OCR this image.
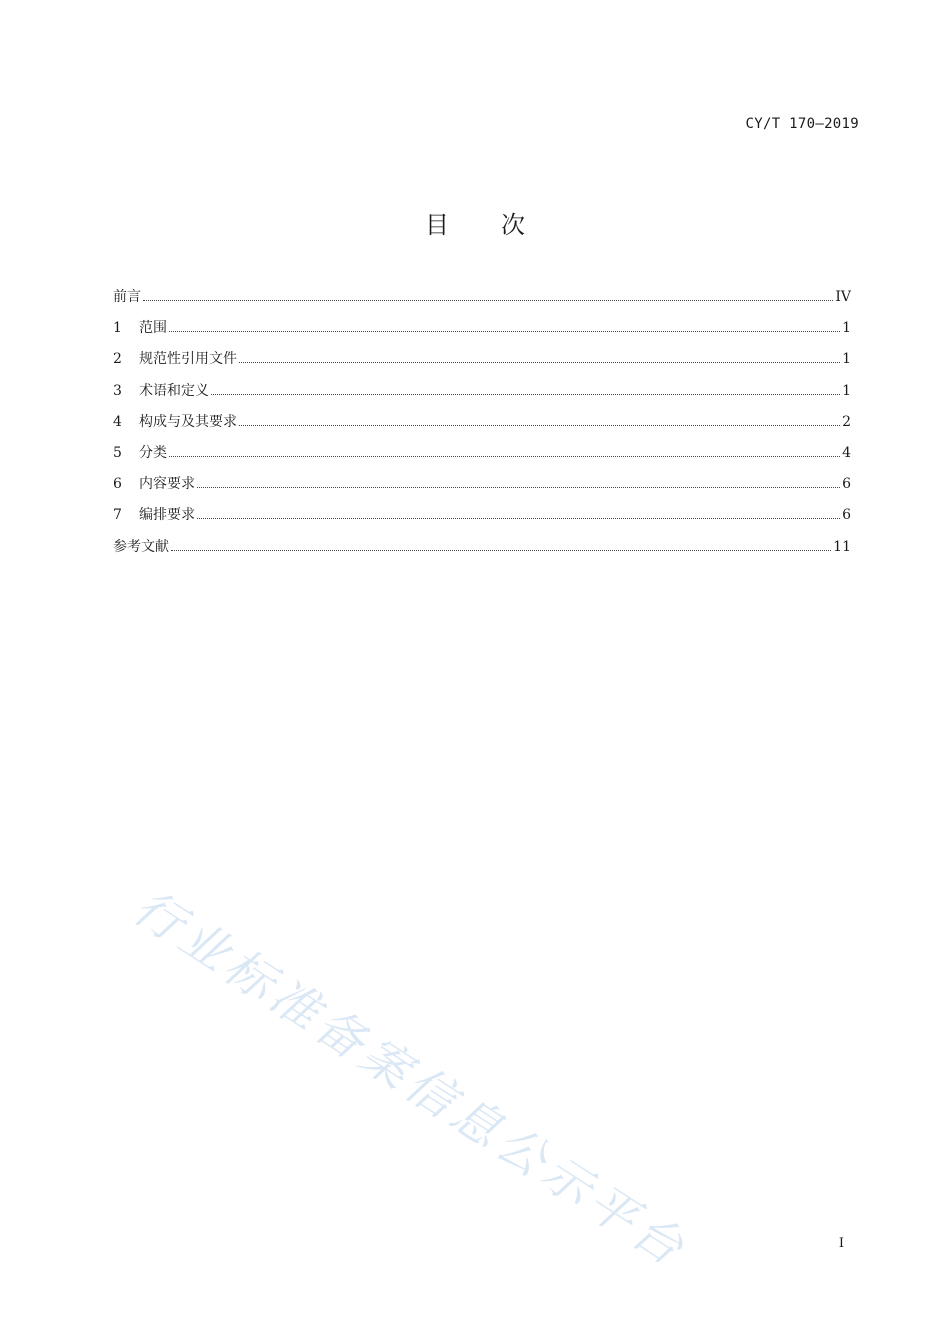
CY/T 170—2019
目次
前言	IV
1	范围	1
2	规范性引用文件	1
3	术语和定义	1
4	构成与及其要求	2
5	分类	4
6	内容要求	6
7	编排要求	6
参考文献	11
行业标准备案信息公示平台	I
